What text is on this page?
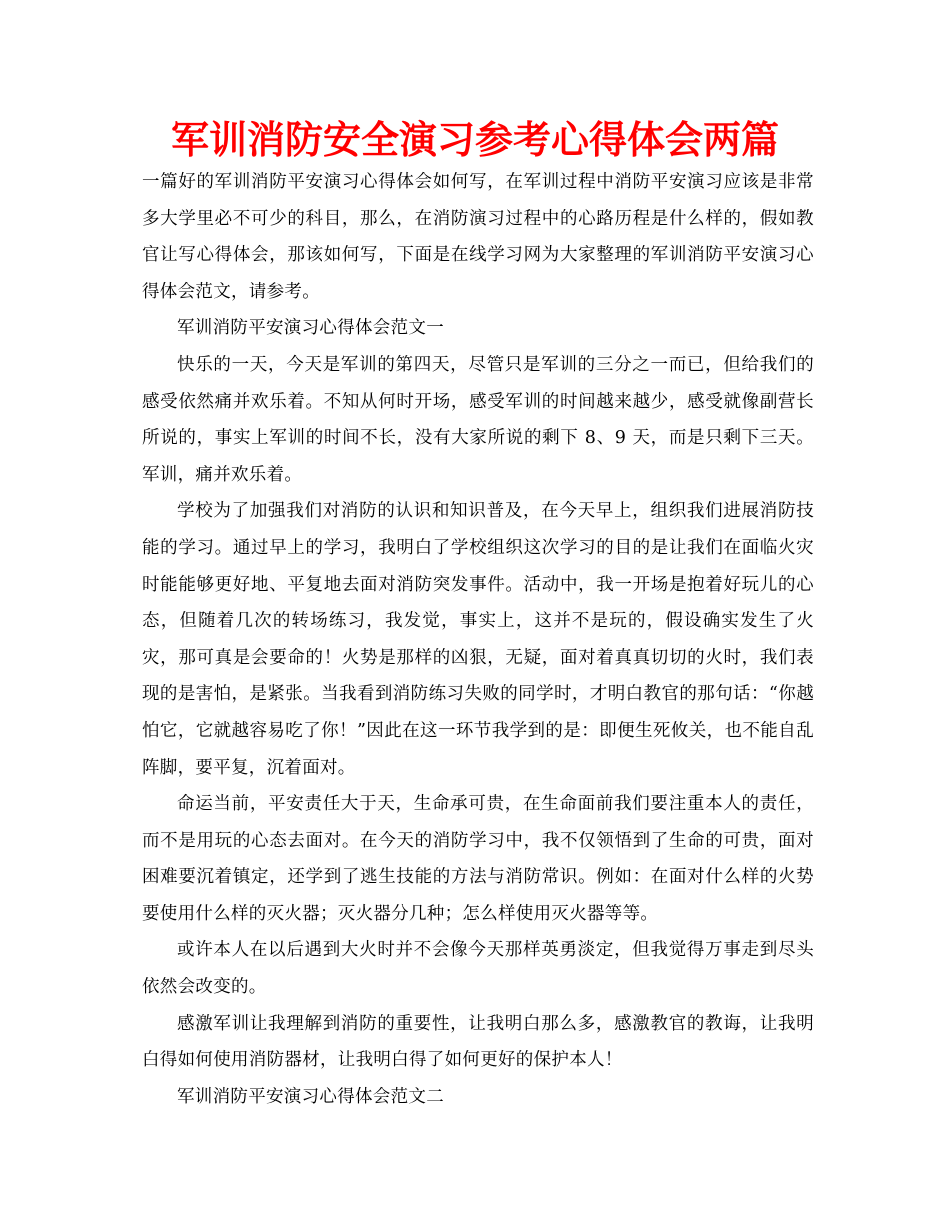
军训消防安全演习参考心得体会两篇

一篇好的军训消防平安演习心得体会如何写，在军训过程中消防平安演习应该是非常多大学里必不可少的科目，那么，在消防演习过程中的心路历程是什么样的，假如教官让写心得体会，那该如何写，下面是在线学习网为大家整理的军训消防平安演习心得体会范文，请参考。

军训消防平安演习心得体会范文一

快乐的一天，今天是军训的第四天，尽管只是军训的三分之一而已，但给我们的感受依然痛并欢乐着。不知从何时开场，感受军训的时间越来越少，感受就像副营长所说的，事实上军训的时间不长，没有大家所说的剩下 8、9 天，而是只剩下三天。军训，痛并欢乐着。

学校为了加强我们对消防的认识和知识普及，在今天早上，组织我们进展消防技能的学习。通过早上的学习，我明白了学校组织这次学习的目的是让我们在面临火灾时能能够更好地、平复地去面对消防突发事件。活动中，我一开场是抱着好玩儿的心态，但随着几次的转场练习，我发觉，事实上，这并不是玩的，假设确实发生了火灾，那可真是会要命的！火势是那样的凶狠，无疑，面对着真真切切的火时，我们表现的是害怕，是紧张。当我看到消防练习失败的同学时，才明白教官的那句话：“你越怕它，它就越容易吃了你！”因此在这一环节我学到的是：即便生死攸关，也不能自乱阵脚，要平复，沉着面对。

命运当前，平安责任大于天，生命承可贵，在生命面前我们要注重本人的责任，而不是用玩的心态去面对。在今天的消防学习中，我不仅领悟到了生命的可贵，面对困难要沉着镇定，还学到了逃生技能的方法与消防常识。例如：在面对什么样的火势要使用什么样的灭火器；灭火器分几种；怎么样使用灭火器等等。

或许本人在以后遇到大火时并不会像今天那样英勇淡定，但我觉得万事走到尽头依然会改变的。

感激军训让我理解到消防的重要性，让我明白那么多，感激教官的教诲，让我明白得如何使用消防器材，让我明白得了如何更好的保护本人！

军训消防平安演习心得体会范文二
